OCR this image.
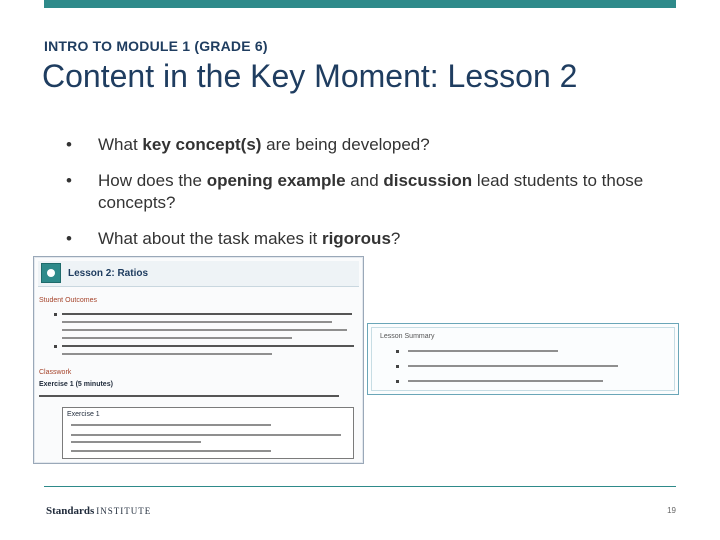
INTRO TO MODULE 1 (GRADE 6)
Content in the Key Moment: Lesson 2
• What key concept(s) are being developed?
• How does the opening example and discussion lead students to those concepts?
• What about the task makes it rigorous?
Lesson 2: Ratios
Student Outcomes
Classwork
Exercise 1 (5 minutes)
Exercise 1
Lesson Summary
Standards INSTITUTE	19
